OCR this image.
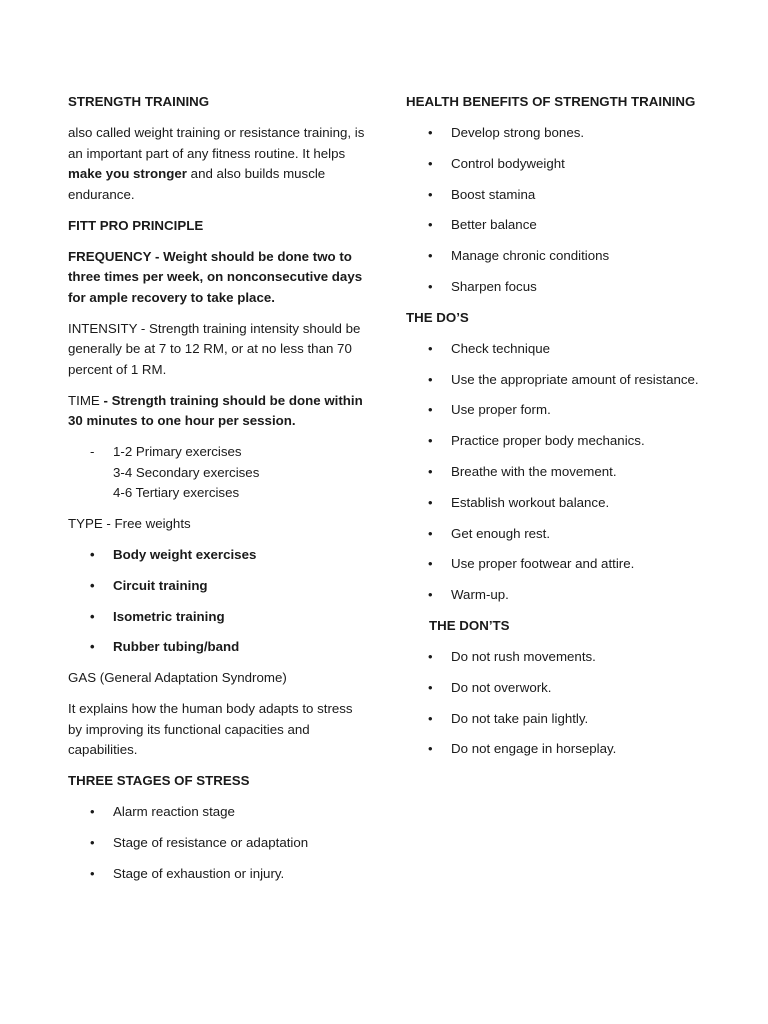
STRENGTH TRAINING
also called weight training or resistance training, is an important part of any fitness routine. It helps make you stronger and also builds muscle endurance.
FITT PRO PRINCIPLE
FREQUENCY - Weight should be done two to three times per week, on nonconsecutive days for ample recovery to take place.
INTENSITY - Strength training intensity should be generally be at 7 to 12 RM, or at no less than 70 percent of 1 RM.
TIME - Strength training should be done within 30 minutes to one hour per session.
- 1-2 Primary exercises
3-4 Secondary exercises
4-6 Tertiary exercises
TYPE - Free weights
• Body weight exercises
• Circuit training
• Isometric training
• Rubber tubing/band
GAS (General Adaptation Syndrome)
It explains how the human body adapts to stress by improving its functional capacities and capabilities.
THREE STAGES OF STRESS
• Alarm reaction stage
• Stage of resistance or adaptation
• Stage of exhaustion or injury.
HEALTH BENEFITS OF STRENGTH TRAINING
• Develop strong bones.
• Control bodyweight
• Boost stamina
• Better balance
• Manage chronic conditions
• Sharpen focus
THE DO’S
• Check technique
• Use the appropriate amount of resistance.
• Use proper form.
• Practice proper body mechanics.
• Breathe with the movement.
• Establish workout balance.
• Get enough rest.
• Use proper footwear and attire.
• Warm-up.
THE DON’TS
• Do not rush movements.
• Do not overwork.
• Do not take pain lightly.
• Do not engage in horseplay.
